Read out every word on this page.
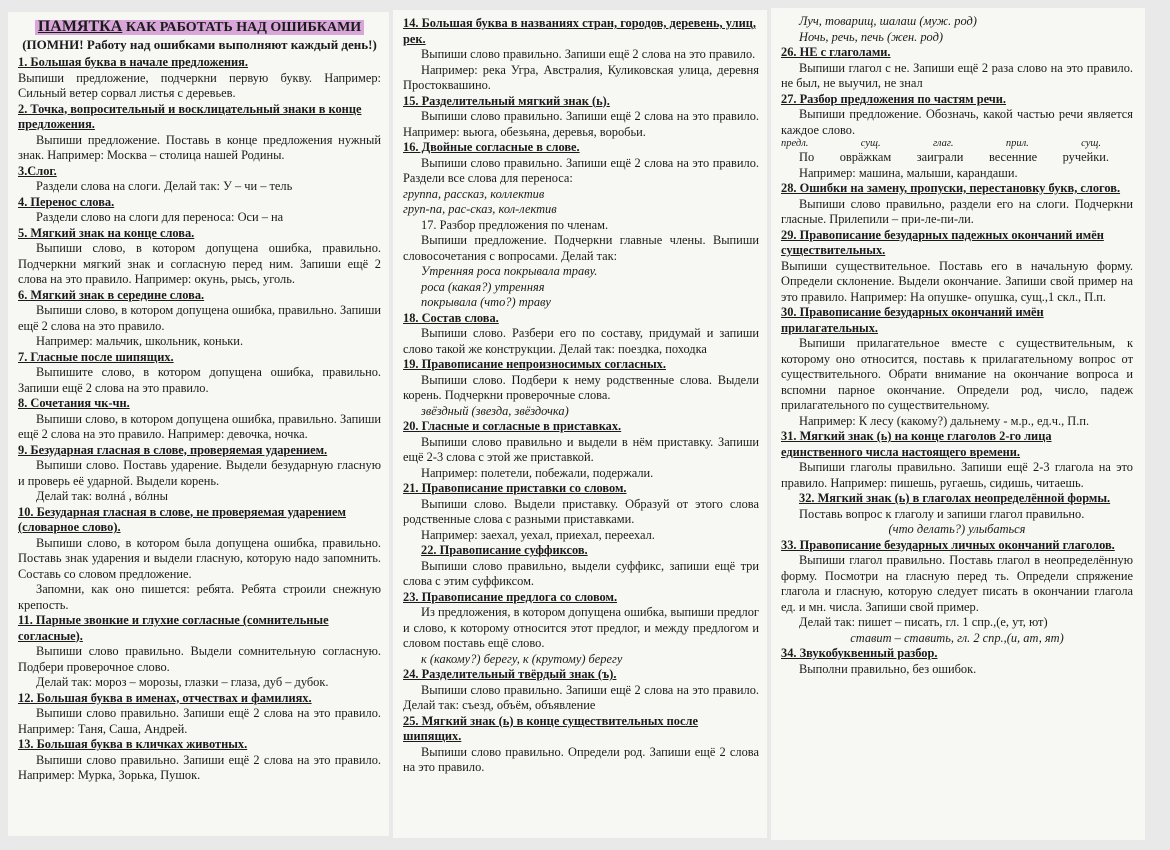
ПАМЯТКА КАК РАБОТАТЬ НАД ОШИБКАМИ
(ПОМНИ! Работу над ошибками выполняют каждый день!)
1. Большая буква в начале предложения.
Выпиши предложение, подчеркни первую букву. Например: Сильный ветер сорвал листья с деревьев.
2. Точка, вопросительный и восклицательный знаки в конце предложения.
Выпиши предложение. Поставь в конце предложения нужный знак. Например: Москва – столица нашей Родины.
3.Слог.
Раздели слова на слоги. Делай так: У – чи – тель
4. Перенос слова.
Раздели слово на слоги для переноса: Оси – на
5. Мягкий знак на конце слова.
Выпиши слово, в котором допущена ошибка, правильно. Подчеркни мягкий знак и согласную перед ним. Запиши ещё 2 слова на это правило. Например: окунь, рысь, уголь.
6. Мягкий знак в середине слова.
Выпиши слово, в котором допущена ошибка, правильно. Запиши ещё 2 слова на это правило.
Например: мальчик, школьник, коньки.
7. Гласные после шипящих.
Выпишите слово, в котором допущена ошибка, правильно. Запиши ещё 2 слова на это правило.
8. Сочетания чк-чн.
Выпиши слово, в котором допущена ошибка, правильно. Запиши ещё 2 слова на это правило. Например: девочка, ночка.
9. Безударная гласная в слове, проверяемая ударением.
Выпиши слово. Поставь ударение. Выдели безударную гласную и проверь её ударной. Выдели корень.
Делай так: вoлнá , вóлны
10. Безударная гласная в слове, не проверяемая ударением (словарное слово).
Выпиши слово, в котором была допущена ошибка, правильно. Поставь знак ударения и выдели гласную, которую надо запомнить. Составь со словом предложение.
Запомни, как оно пишется: ребята. Ребята строили снежную крепость.
11. Парные звонкие и глухие согласные (сомнительные согласные).
Выпиши слово правильно. Выдели сомнительную согласную. Подбери проверочное слово.
Делай так: мороз – морозы, глазки – глаза, дуб – дубок.
12. Большая буква в именах, отчествах и фамилиях.
Выпиши слово правильно. Запиши ещё 2 слова на это правило. Например: Таня, Саша, Андрей.
13. Большая буква в кличках животных.
Выпиши слово правильно. Запиши ещё 2 слова на это правило. Например: Мурка, Зорька, Пушок.
14. Большая буква в названиях стран, городов, деревень, улиц, рек.
Выпиши слово правильно. Запиши ещё 2 слова на это правило.
Например: река Угра, Австралия, Куликовская улица, деревня Простоквашино.
15. Разделительный мягкий знак (ь).
Выпиши слово правильно. Запиши ещё 2 слова на это правило. Например: вьюга, обезьяна, деревья, воробьи.
16. Двойные согласные в слове.
Выпиши слово правильно. Запиши ещё 2 слова на это правило. Раздели все слова для переноса:
группа, рассказ, коллектив
груп-па, рас-сказ, кол-лектив
17. Разбор предложения по членам.
Выпиши предложение. Подчеркни главные члены. Выпиши словосочетания с вопросами. Делай так:
Утренняя роса покрывала траву.
роса (какая?) утренняя
покрывала (что?) траву
18. Состав слова.
Выпиши слово. Разбери его по составу, придумай и запиши слово такой же конструкции. Делай так: поездка, походка
19. Правописание непроизносимых согласных.
Выпиши слово. Подбери к нему родственные слова. Выдели корень. Подчеркни проверочные слова.
звёздный (звезда, звёздочка)
20. Гласные и согласные в приставках.
Выпиши слово правильно и выдели в нём приставку. Запиши ещё 2-3 слова с этой же приставкой.
Например: полетели, побежали, подержали.
21. Правописание приставки со словом.
Выпиши слово. Выдели приставку. Образуй от этого слова родственные слова с разными приставками.
Например: заехал, уехал, приехал, переехал.
22. Правописание суффиксов.
Выпиши слово правильно, выдели суффикс, запиши ещё три слова с этим суффиксом.
23. Правописание предлога со словом.
Из предложения, в котором допущена ошибка, выпиши предлог и слово, к которому относится этот предлог, и между предлогом и словом поставь ещё слово.
к (какому?) берегу, к (крутому) берегу
24. Разделительный твёрдый знак (ъ).
Выпиши слово правильно. Запиши ещё 2 слова на это правило. Делай так: съезд, объём, объявление
25. Мягкий знак (ь) в конце существительных после шипящих.
Выпиши слово правильно. Определи род. Запиши ещё 2 слова на это правило.
Луч, товарищ, шалаш (муж. род)
Ночь, речь, печь (жен. род)
26. НЕ с глаголами.
Выпиши глагол с не. Запиши ещё 2 раза слово на это правило. не был, не выучил, не знал
27. Разбор предложения по частям речи.
Выпиши предложение. Обозначь, какой частью речи является каждое слово.
предл.	сущ.	глаг.	прил.	сущ.
По оврäжкам заиграли весенние ручейки.
Например: машина, малыши, карандаши.
28. Ошибки на замену, пропуски, перестановку букв, слогов.
Выпиши слово правильно, раздели его на слоги. Подчеркни гласные. Прилепили – при-ле-пи-ли.
29. Правописание безударных падежных окончаний имён существительных.
Выпиши существительное. Поставь его в начальную форму. Определи склонение. Выдели окончание. Запиши свой пример на это правило. Например: На опушке- опушка, сущ.,1 скл., П.п.
30. Правописание безударных окончаний имён прилагательных.
Выпиши прилагательное вместе с существительным, к которому оно относится, поставь к прилагательному вопрос от существительного. Обрати внимание на окончание вопроса и вспомни парное окончание. Определи род, число, падеж прилагательного по существительному.
Например: К лесу (какому?) дальнему - м.р., ед.ч., П.п.
31. Мягкий знак (ь) на конце глаголов 2-го лица единственного числа настоящего времени.
Выпиши глаголы правильно. Запиши ещё 2-3 глагола на это правило. Например: пишешь, ругаешь, сидишь, читаешь.
32. Мягкий знак (ь) в глаголах неопределённой формы.
Поставь вопрос к глаголу и запиши глагол правильно.
(что делать?) улыбаться
33. Правописание безударных личных окончаний глаголов.
Выпиши глагол правильно. Поставь глагол в неопределённую форму. Посмотри на гласную перед ть. Определи спряжение глагола и гласную, которую следует писать в окончании глагола ед. и мн. числа. Запиши свой пример.
Делай так: пишет – писать, гл. 1 спр.,(е, ут, ют)
ставит – ставить, гл. 2 спр.,(и, ат, ят)
34. Звукобуквенный разбор.
Выполни правильно, без ошибок.
